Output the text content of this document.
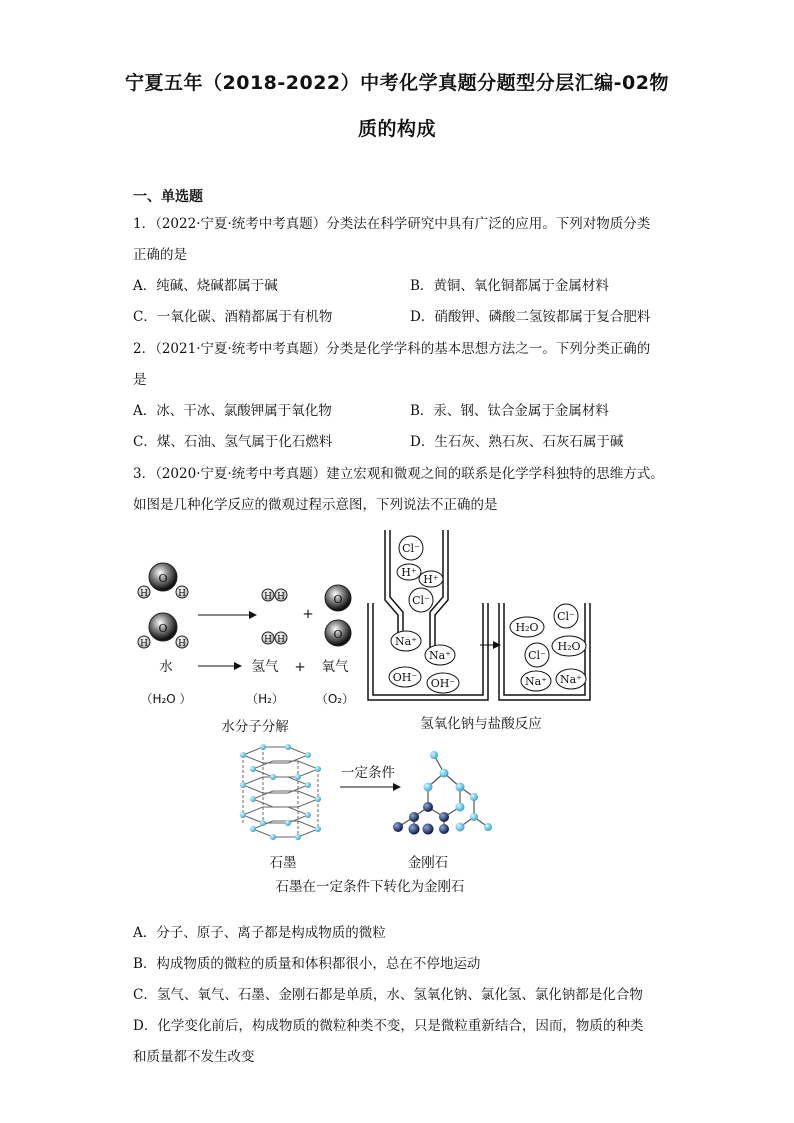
宁夏五年（2018-2022）中考化学真题分题型分层汇编-02物
质的构成
一、单选题
1．（2022·宁夏·统考中考真题）分类法在科学研究中具有广泛的应用。下列对物质分类
正确的是
A．纯碱、烧碱都属于碱	B．黄铜、氧化铜都属于金属材料
C．一氧化碳、酒精都属于有机物	D．硝酸钾、磷酸二氢铵都属于复合肥料
2．（2021·宁夏·统考中考真题）分类是化学学科的基本思想方法之一。下列分类正确的
是
A．冰、干冰、氯酸钾属于氧化物	B．汞、钢、钛合金属于金属材料
C．煤、石油、氢气属于化石燃料	D．生石灰、熟石灰、石灰石属于碱
3．（2020·宁夏·统考中考真题）建立宏观和微观之间的联系是化学学科独特的思维方式。
如图是几种化学反应的微观过程示意图，下列说法不正确的是
O
H	H
O
H	H
H H
H H
+
O
O
水	氢气 + 氧气
（H₂O ）	（H₂）	（O₂）
水分子分解
Cl⁻
H⁺
H⁺
Cl⁻
Na⁺
Na⁺
OH⁻ OH⁻
Cl⁻
H₂O
H₂O
Cl⁻
Na⁺ Na⁺
氢氧化钠与盐酸反应
一定条件
石墨	金刚石
石墨在一定条件下转化为金刚石
A．分子、原子、离子都是构成物质的微粒
B．构成物质的微粒的质量和体积都很小，总在不停地运动
C．氢气、氧气、石墨、金刚石都是单质，水、氢氧化钠、氯化氢、氯化钠都是化合物
D．化学变化前后，构成物质的微粒种类不变，只是微粒重新结合，因而，物质的种类
和质量都不发生改变
